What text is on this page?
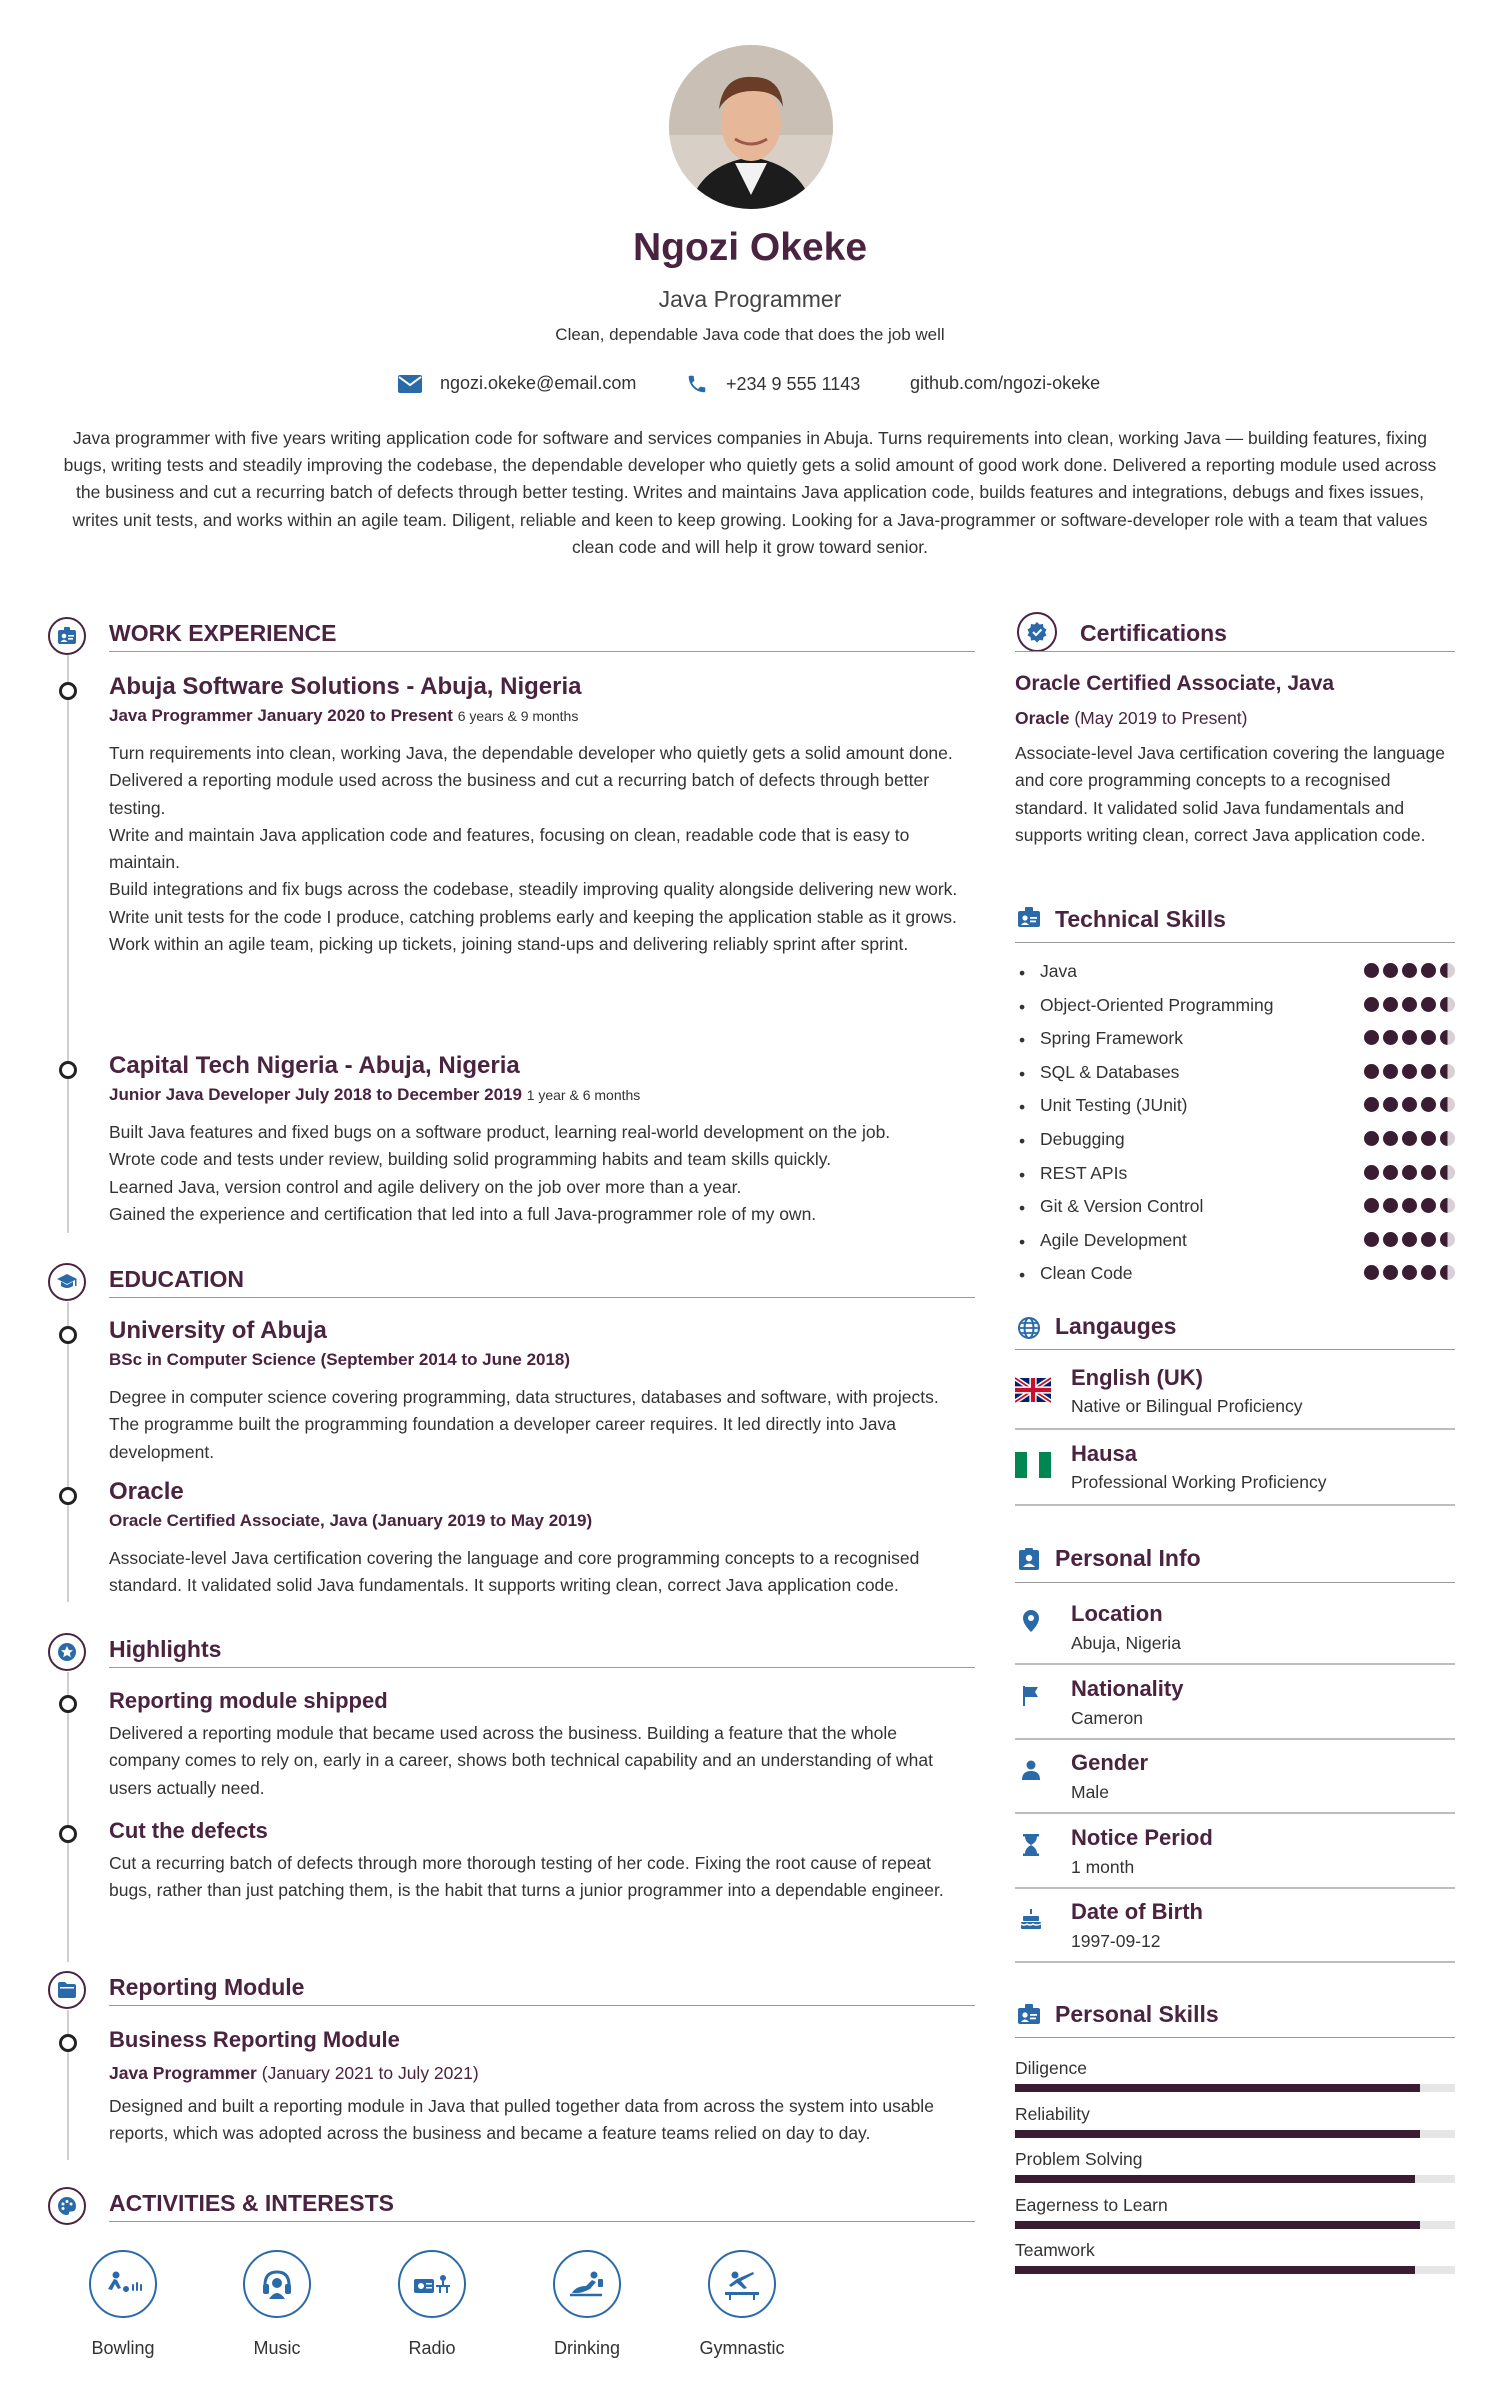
Ngozi Okeke
Java Programmer
Clean, dependable Java code that does the job well
ngozi.okeke@email.com	+234 9 555 1143	github.com/ngozi-okeke
Java programmer with five years writing application code for software and services companies in Abuja. Turns requirements into clean, working Java — building features, fixing bugs, writing tests and steadily improving the codebase, the dependable developer who quietly gets a solid amount of good work done. Delivered a reporting module used across the business and cut a recurring batch of defects through better testing. Writes and maintains Java application code, builds features and integrations, debugs and fixes issues, writes unit tests, and works within an agile team. Diligent, reliable and keen to keep growing. Looking for a Java-programmer or software-developer role with a team that values clean code and will help it grow toward senior.
WORK EXPERIENCE
Abuja Software Solutions - Abuja, Nigeria
Java Programmer January 2020 to Present 6 years & 9 months

Turn requirements into clean, working Java, the dependable developer who quietly gets a solid amount done.

Delivered a reporting module used across the business and cut a recurring batch of defects through better testing.

Write and maintain Java application code and features, focusing on clean, readable code that is easy to maintain.

Build integrations and fix bugs across the codebase, steadily improving quality alongside delivering new work.

Write unit tests for the code I produce, catching problems early and keeping the application stable as it grows.

Work within an agile team, picking up tickets, joining stand-ups and delivering reliably sprint after sprint.

Capital Tech Nigeria - Abuja, Nigeria
Junior Java Developer July 2018 to December 2019 1 year & 6 months

Built Java features and fixed bugs on a software product, learning real-world development on the job.

Wrote code and tests under review, building solid programming habits and team skills quickly.

Learned Java, version control and agile delivery on the job over more than a year.

Gained the experience and certification that led into a full Java-programmer role of my own.

EDUCATION
University of Abuja
BSc in Computer Science (September 2014 to June 2018)
Degree in computer science covering programming, data structures, databases and software, with projects. The programme built the programming foundation a developer career requires. It led directly into Java development.
Oracle
Oracle Certified Associate, Java (January 2019 to May 2019)
Associate-level Java certification covering the language and core programming concepts to a recognised standard. It validated solid Java fundamentals. It supports writing clean, correct Java application code.
Highlights
Reporting module shipped
Delivered a reporting module that became used across the business. Building a feature that the whole company comes to rely on, early in a career, shows both technical capability and an understanding of what users actually need.
Cut the defects
Cut a recurring batch of defects through more thorough testing of her code. Fixing the root cause of repeat bugs, rather than just patching them, is the habit that turns a junior programmer into a dependable engineer.
Reporting Module
Business Reporting Module
Java Programmer (January 2021 to July 2021)
Designed and built a reporting module in Java that pulled together data from across the system into usable reports, which was adopted across the business and became a feature teams relied on day to day.
ACTIVITIES & INTERESTS
Bowling	Music	Radio	Drinking	Gymnastic
Certifications
Oracle Certified Associate, Java
Oracle (May 2019 to Present)
Associate-level Java certification covering the language and core programming concepts to a recognised standard. It validated solid Java fundamentals and supports writing clean, correct Java application code.
Technical Skills
• Java
• Object-Oriented Programming
• Spring Framework
• SQL & Databases
• Unit Testing (JUnit)
• Debugging
• REST APIs
• Git & Version Control
• Agile Development
• Clean Code
Langauges
English (UK)
Native or Bilingual Proficiency
Hausa
Professional Working Proficiency
Personal Info
Location
Abuja, Nigeria
Nationality
Cameron
Gender
Male
Notice Period
1 month
Date of Birth
1997-09-12
Personal Skills
Diligence
Reliability
Problem Solving
Eagerness to Learn
Teamwork
